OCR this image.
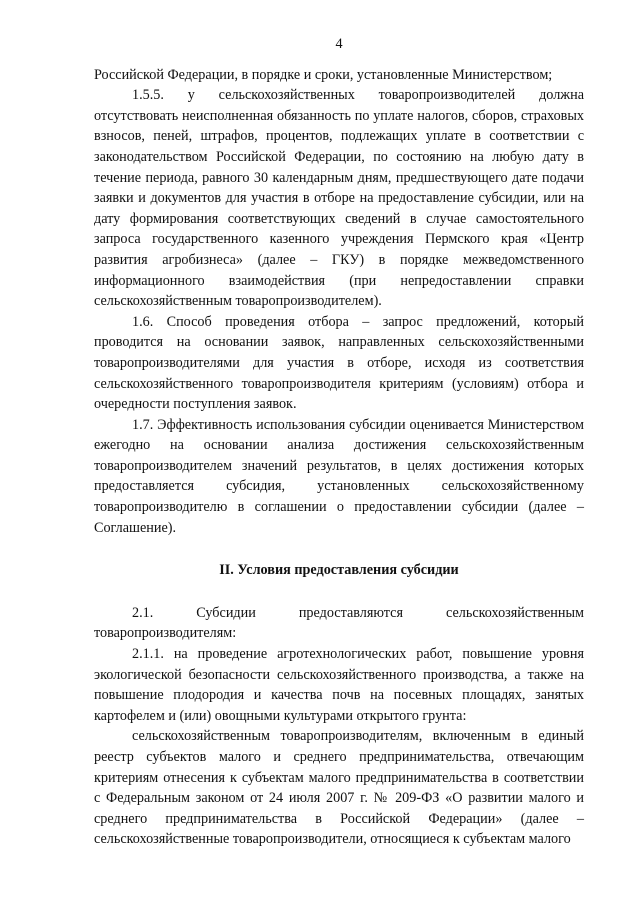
4

Российской Федерации, в порядке и сроки, установленные Министерством;

1.5.5. у сельскохозяйственных товаропроизводителей должна отсутствовать неисполненная обязанность по уплате налогов, сборов, страховых взносов, пеней, штрафов, процентов, подлежащих уплате в соответствии с законодательством Российской Федерации, по состоянию на любую дату в течение периода, равного 30 календарным дням, предшествующего дате подачи заявки и документов для участия в отборе на предоставление субсидии, или на дату формирования соответствующих сведений в случае самостоятельного запроса государственного казенного учреждения Пермского края «Центр развития агробизнеса» (далее – ГКУ) в порядке межведомственного информационного взаимодействия (при непредоставлении справки сельскохозяйственным товаропроизводителем).

1.6. Способ проведения отбора – запрос предложений, который проводится на основании заявок, направленных сельскохозяйственными товаропроизводителями для участия в отборе, исходя из соответствия сельскохозяйственного товаропроизводителя критериям (условиям) отбора и очередности поступления заявок.

1.7. Эффективность использования субсидии оценивается Министерством ежегодно на основании анализа достижения сельскохозяйственным товаропроизводителем значений результатов, в целях достижения которых предоставляется субсидия, установленных сельскохозяйственному товаропроизводителю в соглашении о предоставлении субсидии (далее – Соглашение).

II. Условия предоставления субсидии

2.1. Субсидии предоставляются сельскохозяйственным товаропроизводителям:

2.1.1. на проведение агротехнологических работ, повышение уровня экологической безопасности сельскохозяйственного производства, а также на повышение плодородия и качества почв на посевных площадях, занятых картофелем и (или) овощными культурами открытого грунта:

сельскохозяйственным товаропроизводителям, включенным в единый реестр субъектов малого и среднего предпринимательства, отвечающим критериям отнесения к субъектам малого предпринимательства в соответствии с Федеральным законом от 24 июля 2007 г. № 209-ФЗ «О развитии малого и среднего предпринимательства в Российской Федерации» (далее – сельскохозяйственные товаропроизводители, относящиеся к субъектам малого
